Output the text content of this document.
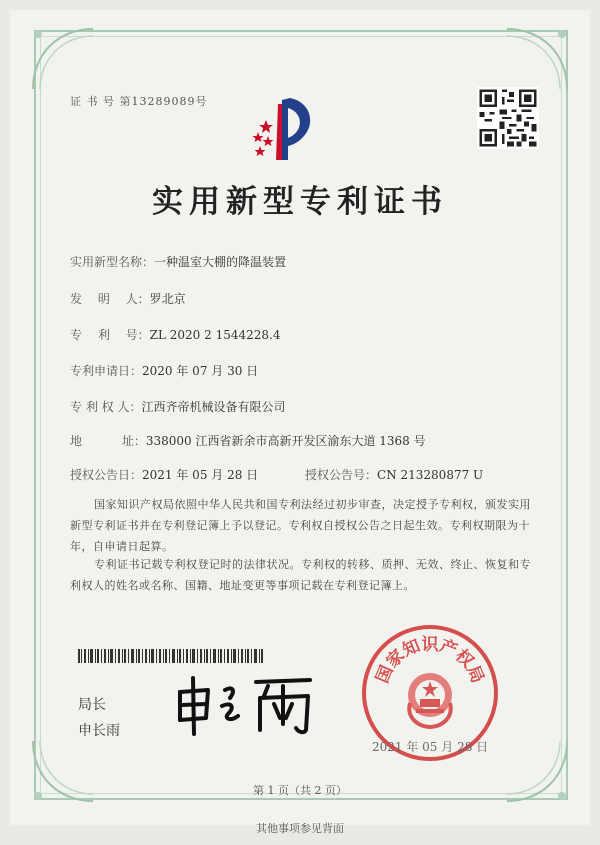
证 书 号 第13289089号
实用新型专利证书
实用新型名称：一种温室大棚的降温装置
发　 明　 人：罗北京
专　 利　 号：ZL 2020 2 1544228.4
专利申请日：2020 年 07 月 30 日
专 利 权 人：江西齐帝机械设备有限公司
地　　　 址：338000 江西省新余市高新开发区渝东大道 1368 号
授权公告日：2021 年 05 月 28 日	授权公告号：CN 213280877 U
国家知识产权局依照中华人民共和国专利法经过初步审查，决定授予专利权，颁发实用新型专利证书并在专利登记簿上予以登记。专利权自授权公告之日起生效。专利权期限为十年，自申请日起算。
专利证书记载专利权登记时的法律状况。专利权的转移、质押、无效、终止、恢复和专利权人的姓名或名称、国籍、地址变更等事项记载在专利登记簿上。
局长
申长雨
国家知识产权局
2021 年 05 月 28 日
第 1 页（共 2 页）
其他事项参见背面
